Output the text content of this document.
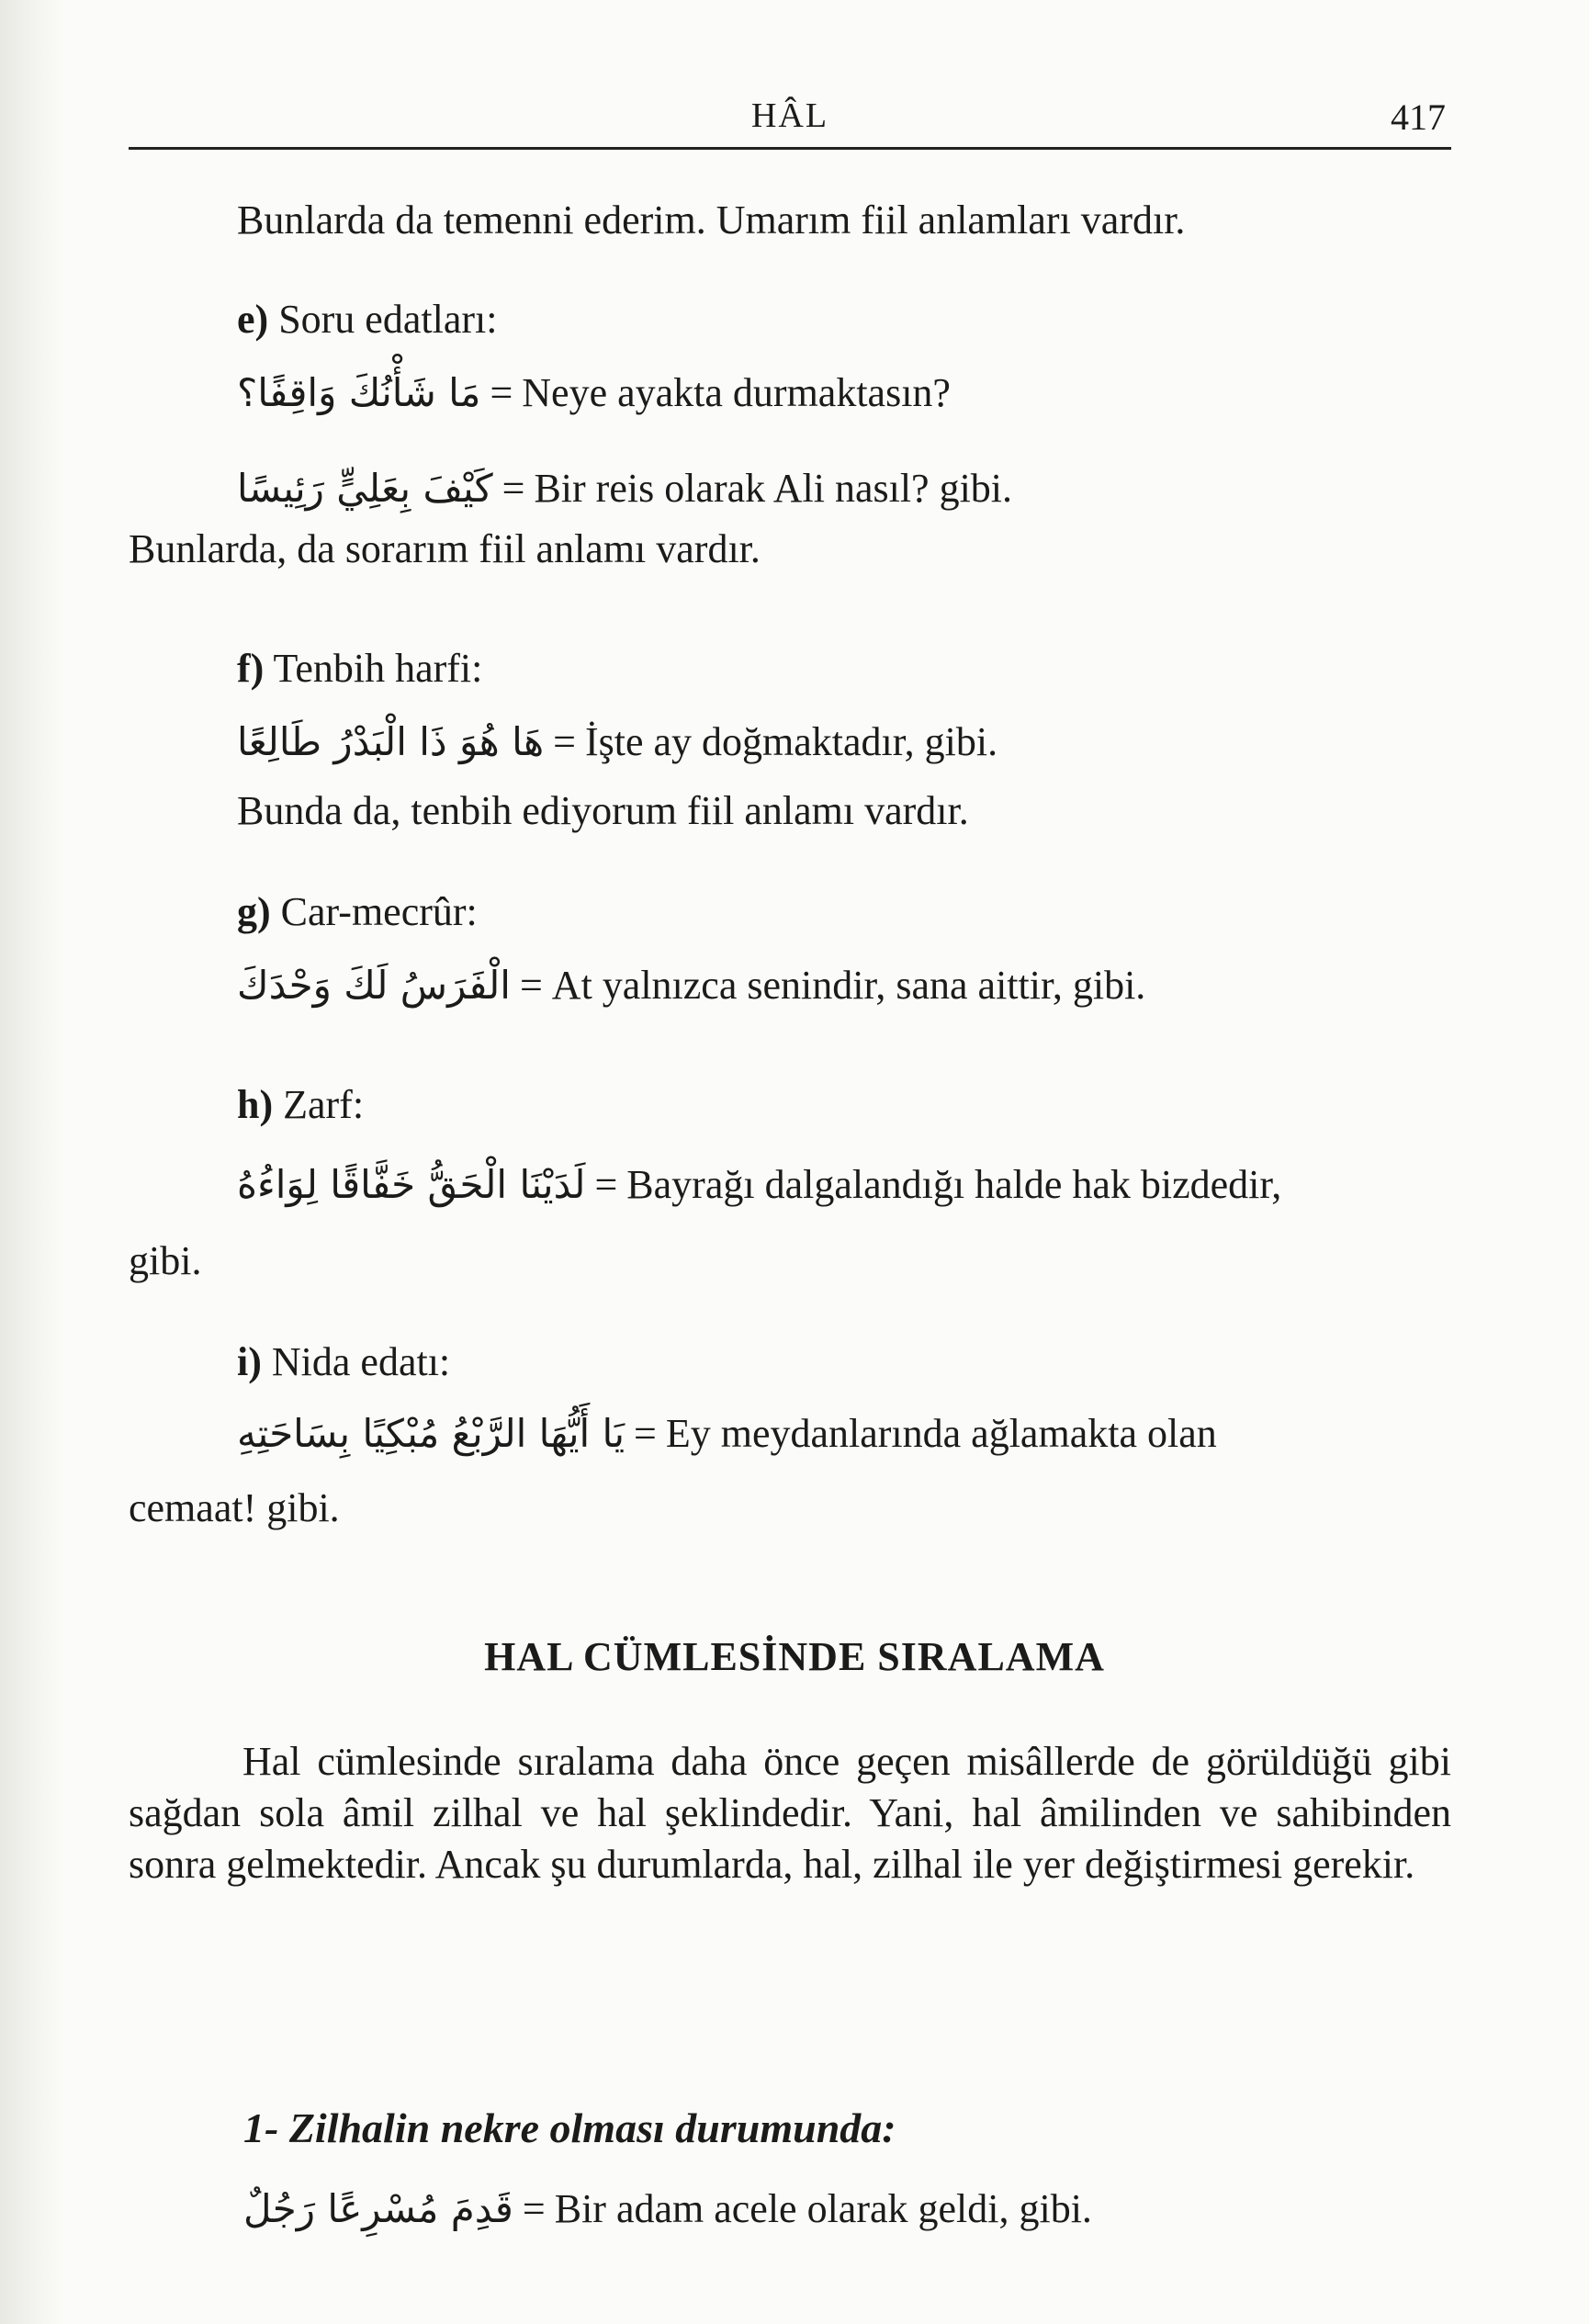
HÂL	417
Bunlarda da temenni ederim. Umarım fiil anlamları vardır.
e) Soru edatları:
مَا شَأْنُكَ وَاقِفًا؟ = Neye ayakta durmaktasın?
كَيْفَ بِعَلِيٍّ رَئِيسًا = Bir reis olarak Ali nasıl? gibi.
Bunlarda, da sorarım fiil anlamı vardır.
f) Tenbih harfi:
هَا هُوَ ذَا الْبَدْرُ طَالِعًا = İşte ay doğmaktadır, gibi.
Bunda da, tenbih ediyorum fiil anlamı vardır.
g) Car-mecrûr:
الْفَرَسُ لَكَ وَحْدَكَ = At yalnızca senindir, sana aittir, gibi.
h) Zarf:
لَدَيْنَا الْحَقُّ خَفَّاقًا لِوَاءُهُ = Bayrağı dalgalandığı halde hak bizdedir,
gibi.
i) Nida edatı:
يَا أَيُّهَا الرَّبْعُ مُبْكِيًا بِسَاحَتِهِ = Ey meydanlarında ağlamakta olan
cemaat! gibi.
HAL CÜMLESİNDE SIRALAMA
Hal cümlesinde sıralama daha önce geçen misâllerde de görüldüğü gibi sağdan sola âmil zilhal ve hal şeklindedir. Yani, hal âmilinden ve sahibinden sonra gelmektedir. Ancak şu durumlarda, hal, zilhal ile yer değiştirmesi gerekir.
1- Zilhalin nekre olması durumunda:
قَدِمَ مُسْرِعًا رَجُلٌ = Bir adam acele olarak geldi, gibi.
